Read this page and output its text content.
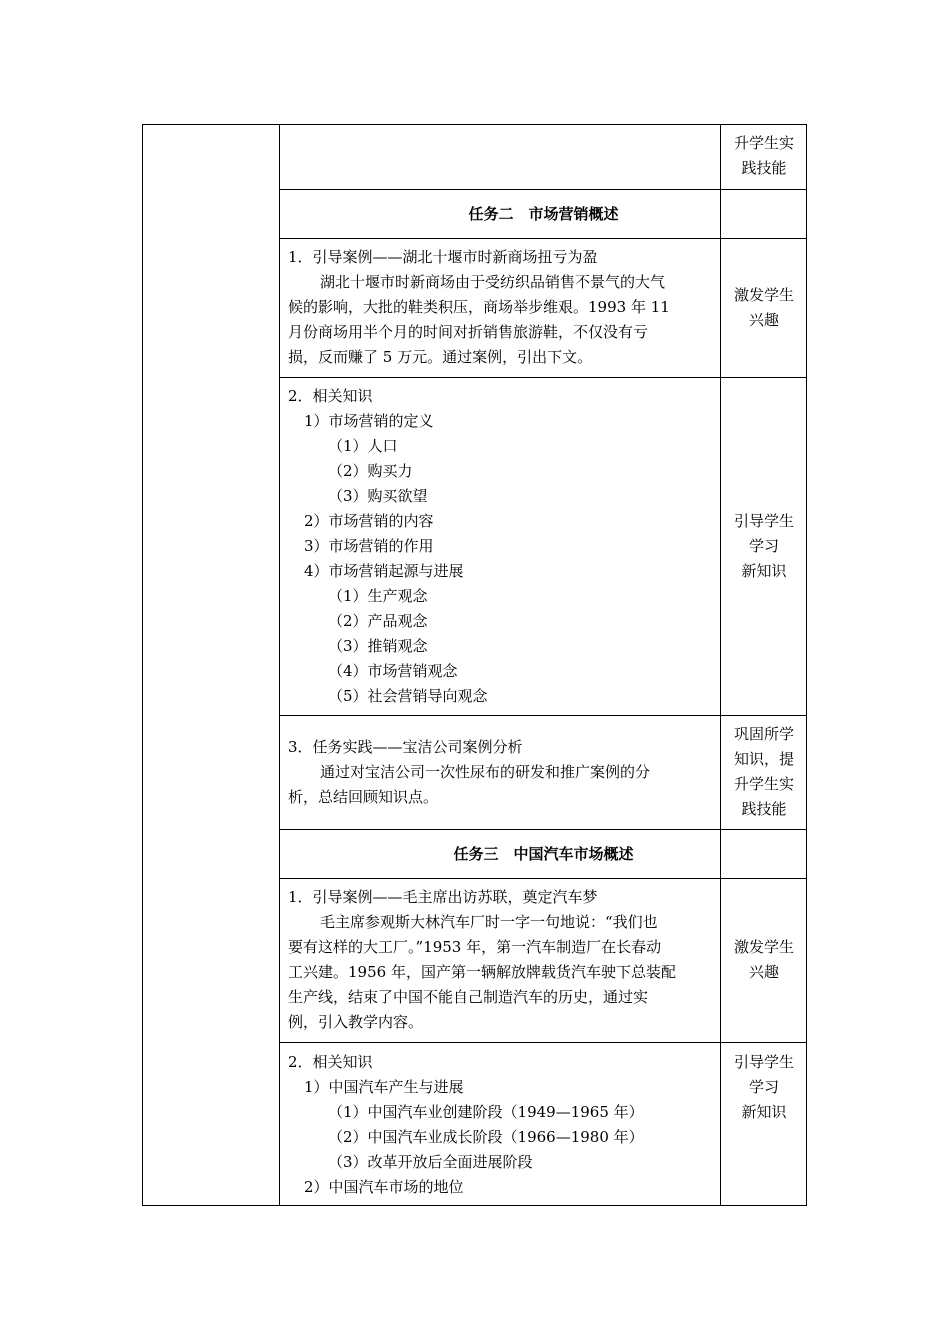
升学生实
践技能
任务二　市场营销概述
1．引导案例——湖北十堰市时新商场扭亏为盈
湖北十堰市时新商场由于受纺织品销售不景气的大气
候的影响，大批的鞋类积压，商场举步维艰。1993 年 11
月份商场用半个月的时间对折销售旅游鞋，不仅没有亏
损，反而赚了 5 万元。通过案例，引出下文。
激发学生
兴趣
2．相关知识
1）市场营销的定义
（1）人口
（2）购买力
（3）购买欲望
2）市场营销的内容
3）市场营销的作用
4）市场营销起源与进展
（1）生产观念
（2）产品观念
（3）推销观念
（4）市场营销观念
（5）社会营销导向观念
引导学生
学习
新知识
3．任务实践——宝洁公司案例分析
通过对宝洁公司一次性尿布的研发和推广案例的分
析，总结回顾知识点。
巩固所学
知识，提
升学生实
践技能
任务三　中国汽车市场概述
1．引导案例——毛主席出访苏联，奠定汽车梦
毛主席参观斯大林汽车厂时一字一句地说：“我们也
要有这样的大工厂。”1953 年，第一汽车制造厂在长春动
工兴建。1956 年，国产第一辆解放牌载货汽车驶下总装配
生产线，结束了中国不能自己制造汽车的历史，通过实
例，引入教学内容。
激发学生
兴趣
2．相关知识
1）中国汽车产生与进展
（1）中国汽车业创建阶段（1949—1965 年）
（2）中国汽车业成长阶段（1966—1980 年）
（3）改革开放后全面进展阶段
2）中国汽车市场的地位
引导学生
学习
新知识
